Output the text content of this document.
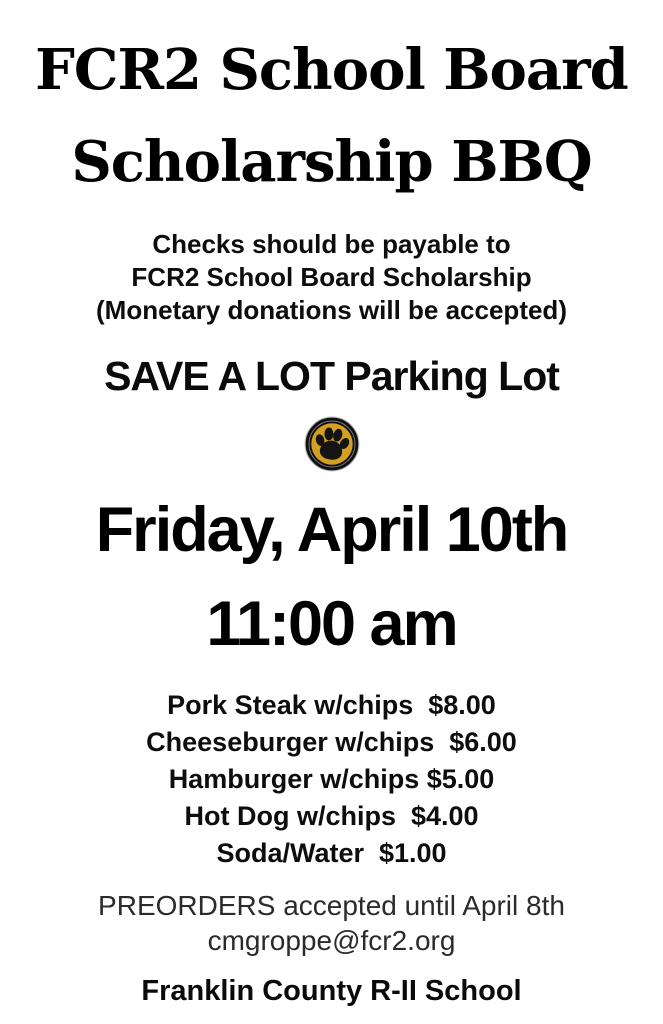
FCR2 School Board
Scholarship BBQ
Checks should be payable to
FCR2 School Board Scholarship
(Monetary donations will be accepted)
SAVE A LOT Parking Lot
Friday, April 10th
11:00 am
Pork Steak w/chips  $8.00
Cheeseburger w/chips  $6.00
Hamburger w/chips $5.00
Hot Dog w/chips  $4.00
Soda/Water  $1.00
PREORDERS accepted until April 8th
cmgroppe@fcr2.org
Franklin County R-II School
